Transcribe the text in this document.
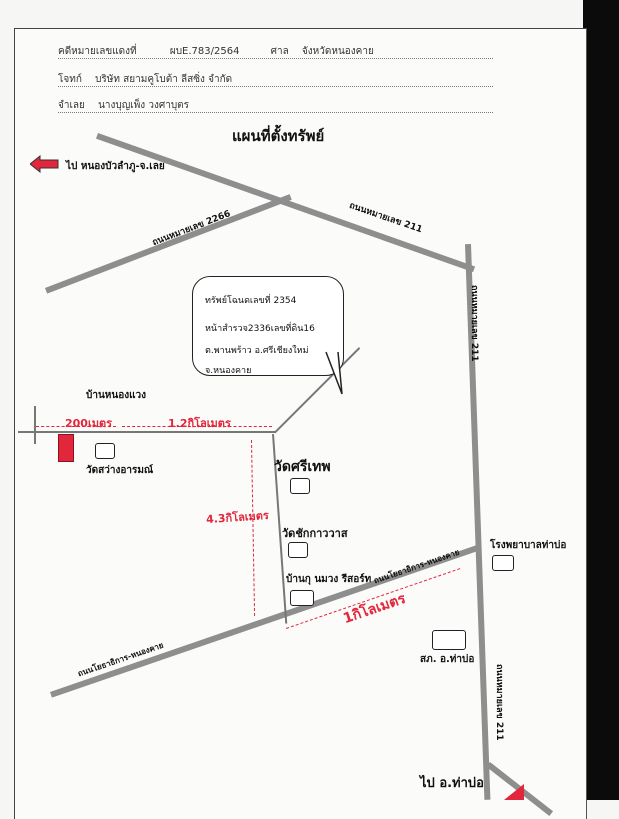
คดีหมายเลขแดงที่	ผบE.783/2564	ศาล จังหวัดหนองคาย
โจทก์ บริษัท สยามคูโบต้า ลีสซิ่ง จำกัด
จำเลย นางบุญเพ็ง วงศาบุตร
แผนที่ตั้งทรัพย์
ถนนหมายเลข 2266	ถนนหมายเลข 211
ถนนหมายเลข 211
ถนนหมายเลข 211
ถนนโยธาธิการ-หนองคาย
ถนนโยธาธิการ-หนองคาย
ไป หนองบัวลำภู-จ.เลย
ไป อ.ท่าบ่อ

ทรัพย์โฉนดเลขที่ 2354

หน้าสำรวจ2336เลขที่ดิน16

ต.พานพร้าว อ.ศรีเชียงใหม่

จ.หนองคาย

บ้านหนองแวง
วัดสว่างอารมณ์	วัดศรีเทพ
วัดชักกาววาส
บ้านกุ นมวง รีสอร์ท
โรงพยาบาลท่าบ่อ
สภ. อ.ท่าบ่อ
200เมตร	1.2กิโลเมตร
4.3กิโลเมตร
1กิโลเมตร
